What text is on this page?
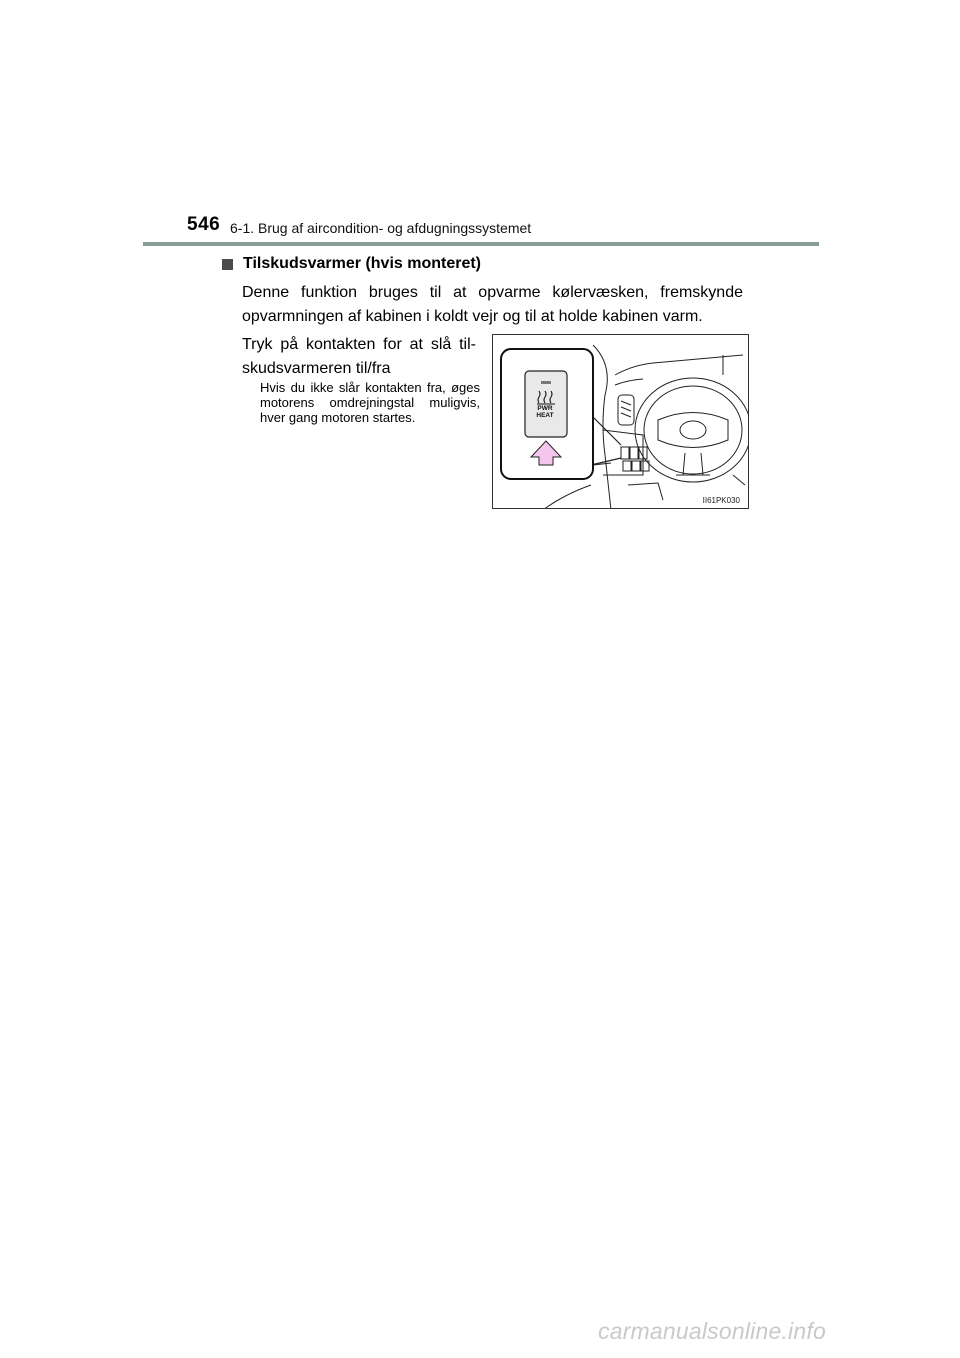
546 6-1. Brug af aircondition- og afdugningssystemet
Tilskudsvarmer (hvis monteret)
Denne funktion bruges til at opvarme kølervæsken, fremskynde opvarmningen af kabinen i koldt vejr og til at holde kabinen varm.
Tryk på kontakten for at slå til-skudsvarmeren til/fra
Hvis du ikke slår kontakten fra, øges motorens omdrejningstal muligvis, hver gang motoren startes.
PWR
HEAT
II61PK030
carmanualsonline.info
